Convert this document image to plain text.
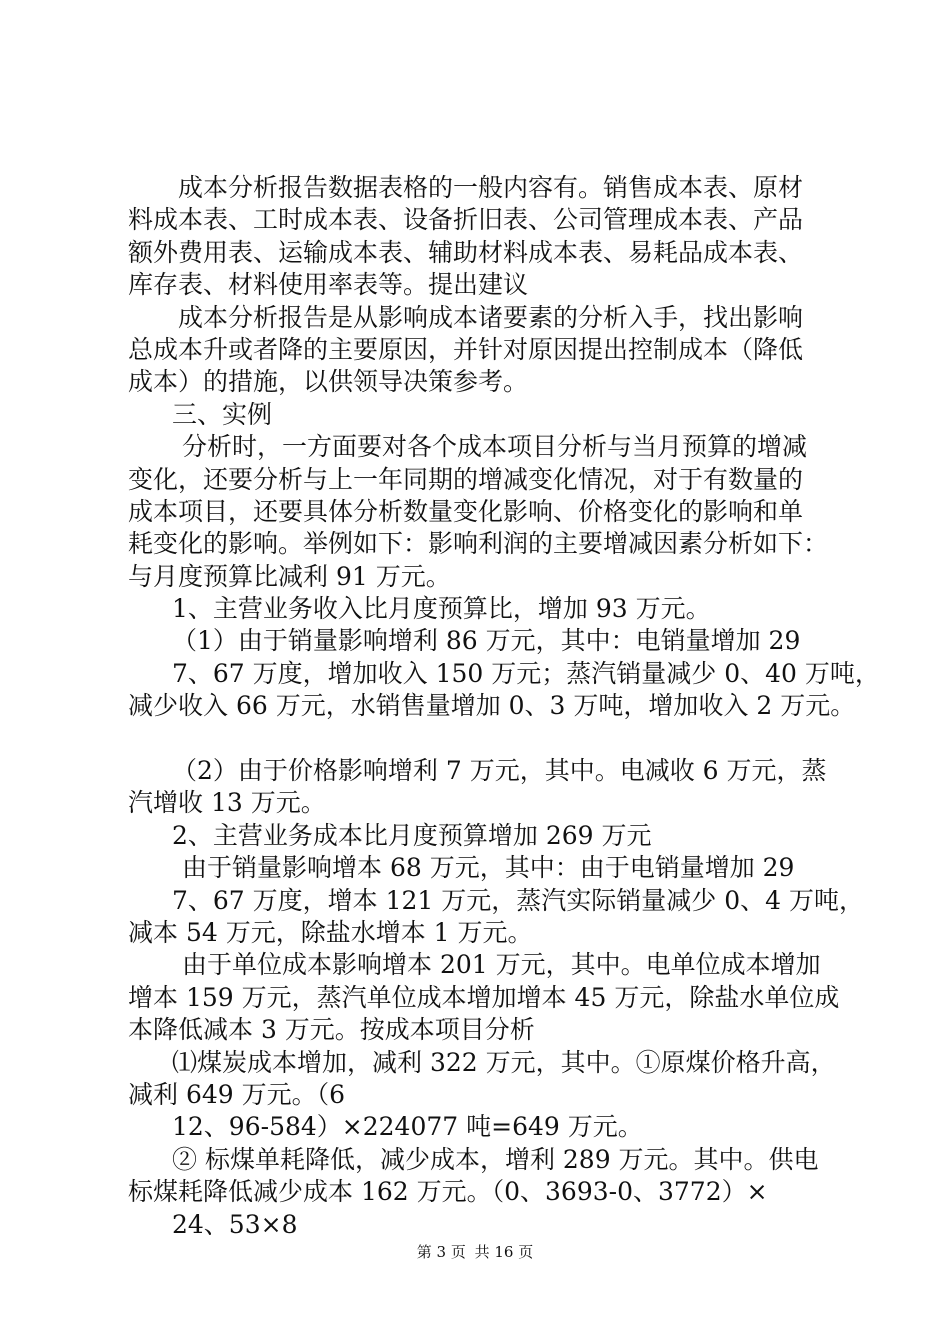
成本分析报告数据表格的一般内容有。销售成本表、原材
料成本表、工时成本表、设备折旧表、公司管理成本表、产品
额外费用表、运输成本表、辅助材料成本表、易耗品成本表、
库存表、材料使用率表等。提出建议
成本分析报告是从影响成本诸要素的分析入手，找出影响
总成本升或者降的主要原因，并针对原因提出控制成本（降低
成本）的措施，以供领导决策参考。
三、实例
分析时，一方面要对各个成本项目分析与当月预算的增减
变化，还要分析与上一年同期的增减变化情况，对于有数量的
成本项目，还要具体分析数量变化影响、价格变化的影响和单
耗变化的影响。举例如下：影响利润的主要增减因素分析如下：
与月度预算比减利 91 万元。
1、主营业务收入比月度预算比，增加 93 万元。
（1）由于销量影响增利 86 万元，其中：电销量增加 29
7、67 万度，增加收入 150 万元；蒸汽销量减少 0、40 万吨，
减少收入 66 万元，水销售量增加 0、3 万吨，增加收入 2 万元。
（2）由于价格影响增利 7 万元，其中。电减收 6 万元，蒸
汽增收 13 万元。
2、主营业务成本比月度预算增加 269 万元
由于销量影响增本 68 万元，其中：由于电销量增加 29
7、67 万度，增本 121 万元，蒸汽实际销量减少 0、4 万吨，
减本 54 万元，除盐水增本 1 万元。
由于单位成本影响增本 201 万元，其中。电单位成本增加
增本 159 万元，蒸汽单位成本增加增本 45 万元，除盐水单位成
本降低减本 3 万元。按成本项目分析
⑴煤炭成本增加，减利 322 万元，其中。①原煤价格升高，
减利 649 万元。（6
12、96-584）×224077 吨=649 万元。
② 标煤单耗降低，减少成本，增利 289 万元。其中。供电
标煤耗降低减少成本 162 万元。（0、3693-0、3772）×
24、53×8
第 3 页 共 16 页
